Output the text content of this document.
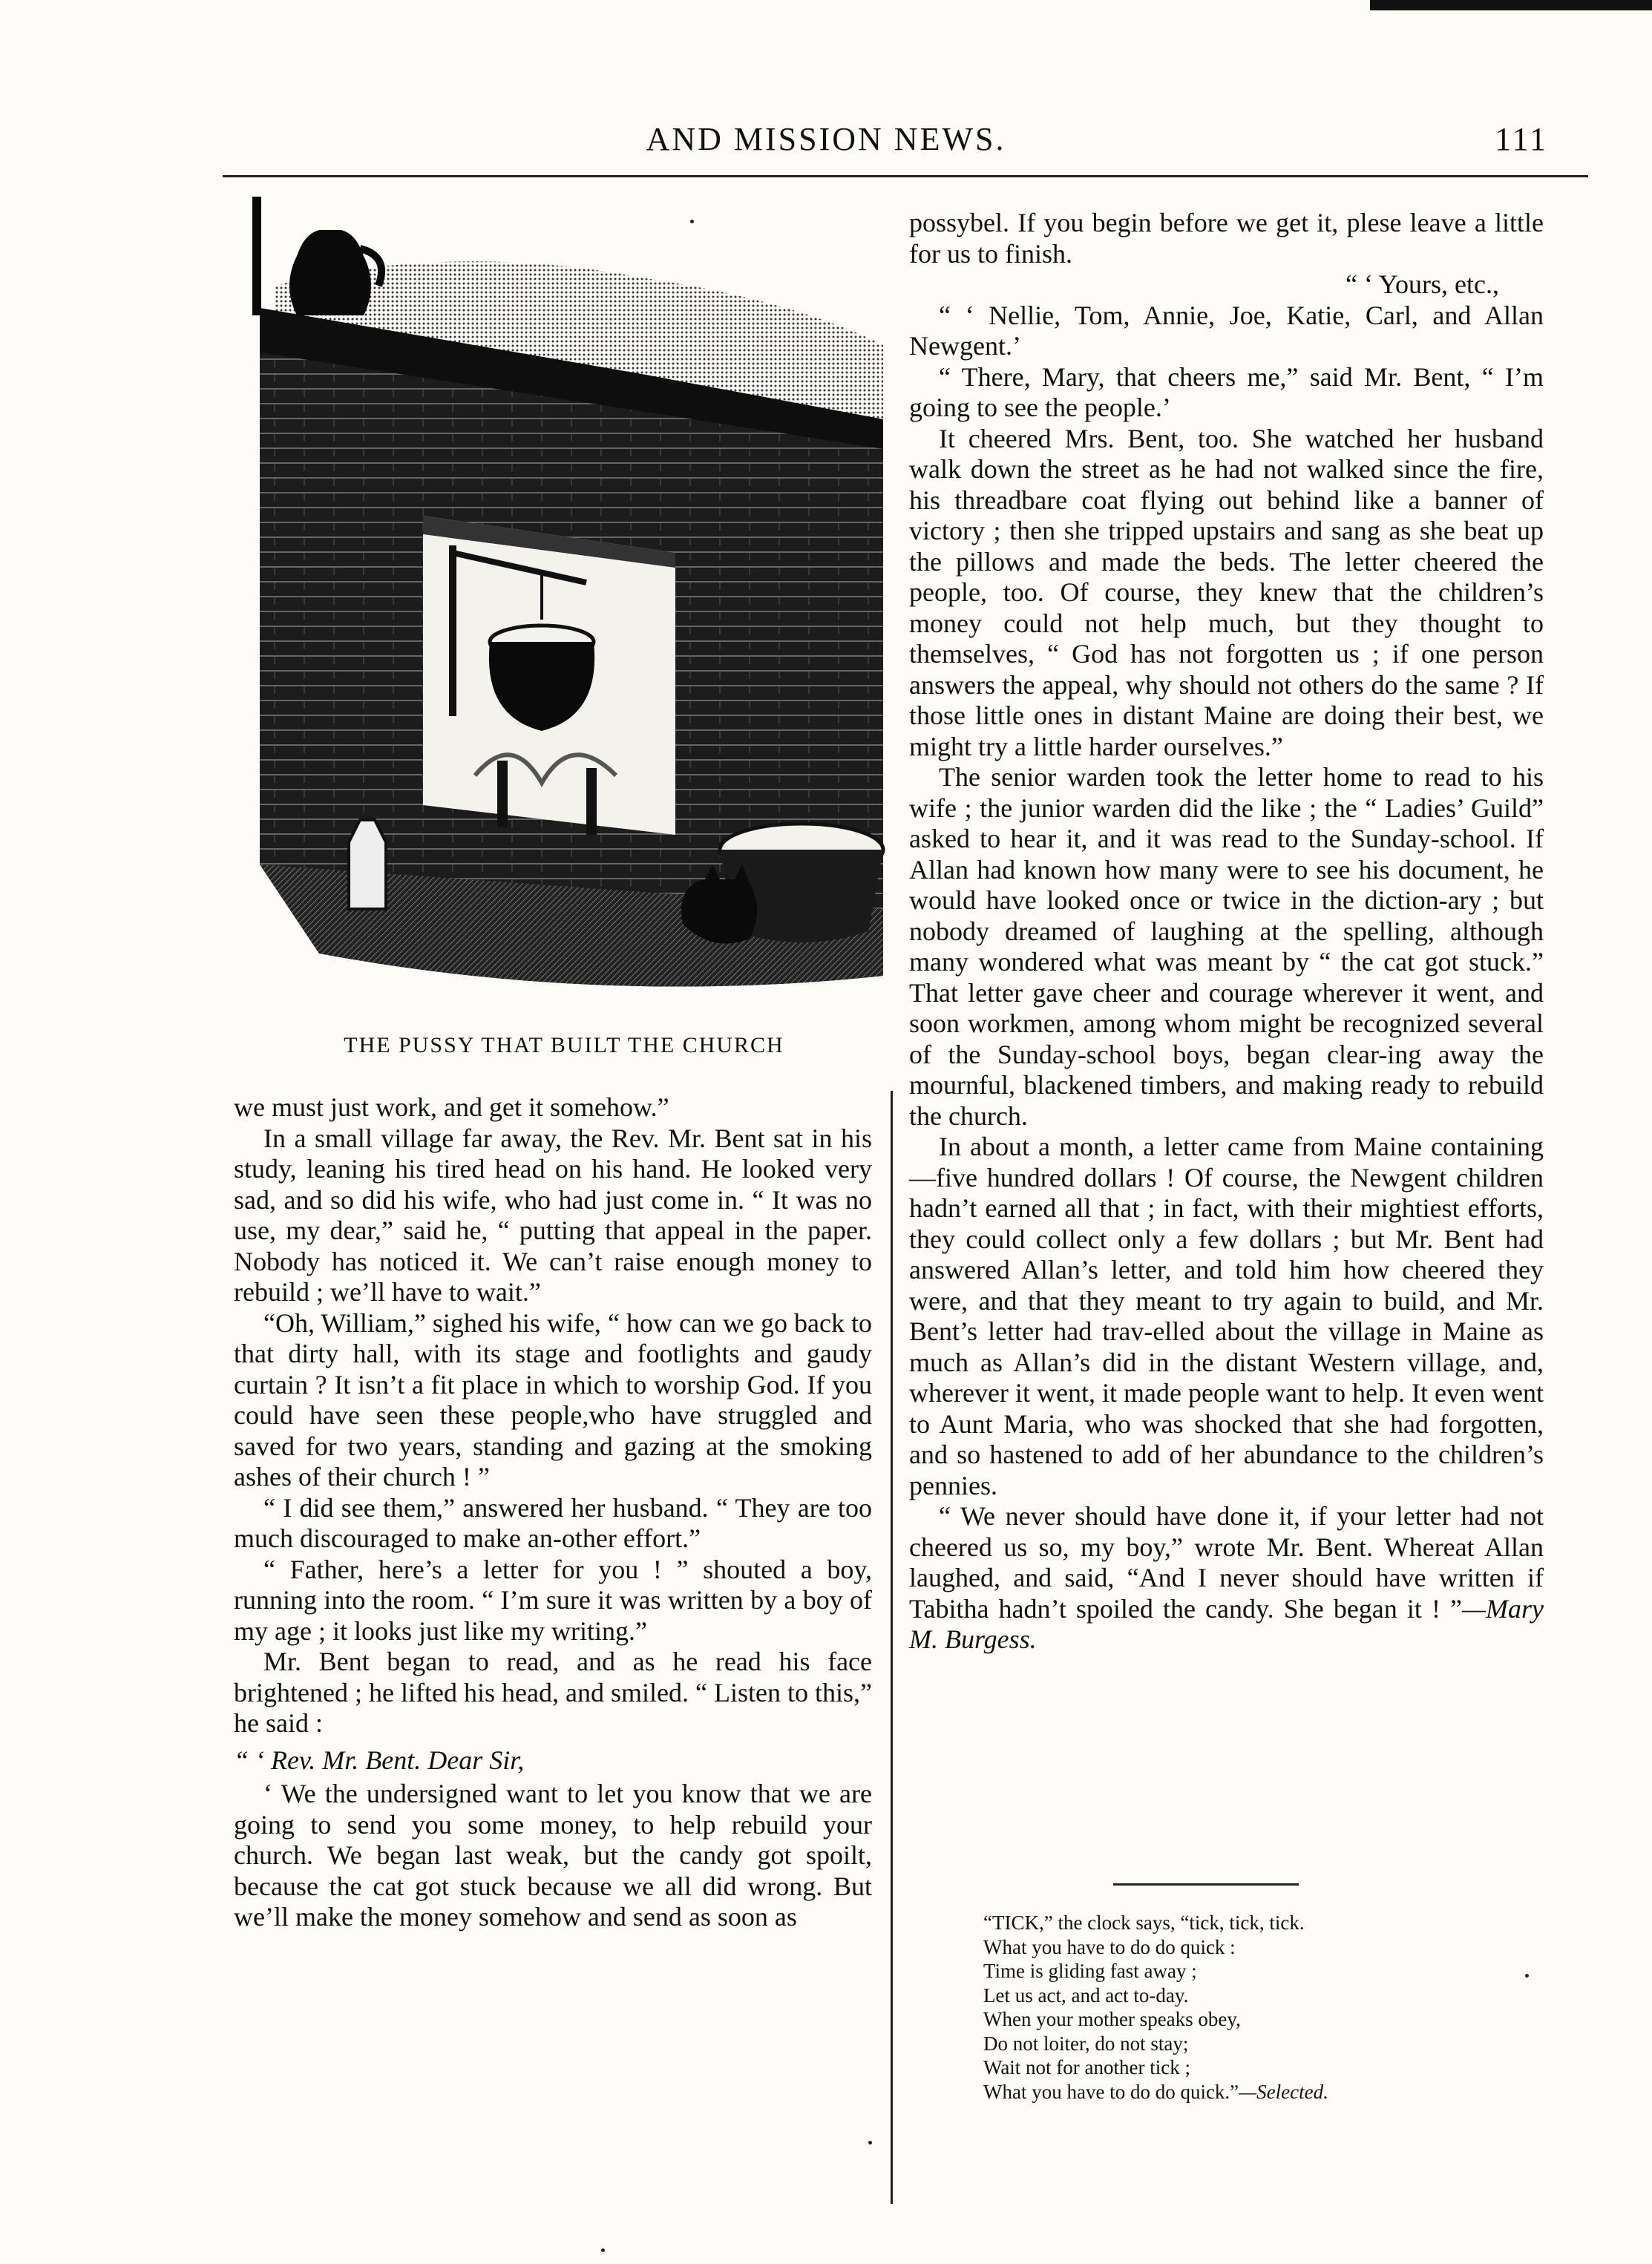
AND MISSION NEWS.	111
THE PUSSY THAT BUILT THE CHURCH

we must just work, and get it somehow.”

In a small village far away, the Rev. Mr. Bent sat in his study, leaning his tired head on his hand. He looked very sad, and so did his wife, who had just come in. “ It was no use, my dear,” said he, “ putting that appeal in the paper. Nobody has noticed it. We can’t raise enough money to rebuild ; we’ll have to wait.”

“Oh, William,” sighed his wife, “ how can we go back to that dirty hall, with its stage and footlights and gaudy curtain ? It isn’t a fit place in which to worship God. If you could have seen these people,who have struggled and saved for two years, standing and gazing at the smoking ashes of their church ! ”

“ I did see them,” answered her husband. “ They are too much discouraged to make an-other effort.”

“ Father, here’s a letter for you ! ” shouted a boy, running into the room. “ I’m sure it was written by a boy of my age ; it looks just like my writing.”

Mr. Bent began to read, and as he read his face brightened ; he lifted his head, and smiled. “ Listen to this,” he said :

“ ‘ Rev. Mr. Bent. Dear Sir,

‘ We the undersigned want to let you know that we are going to send you some money, to help rebuild your church. We began last weak, but the candy got spoilt, because the cat got stuck because we all did wrong. But we’ll make the money somehow and send as soon as

possybel. If you begin before we get it, plese leave a little for us to finish.

“ ‘ Yours, etc.,

“ ‘ Nellie, Tom, Annie, Joe, Katie, Carl, and Allan Newgent.’

“ There, Mary, that cheers me,” said Mr. Bent, “ I’m going to see the people.’

It cheered Mrs. Bent, too. She watched her husband walk down the street as he had not walked since the fire, his threadbare coat flying out behind like a banner of victory ; then she tripped upstairs and sang as she beat up the pillows and made the beds. The letter cheered the people, too. Of course, they knew that the children’s money could not help much, but they thought to themselves, “ God has not forgotten us ; if one person answers the appeal, why should not others do the same ? If those little ones in distant Maine are doing their best, we might try a little harder ourselves.”

The senior warden took the letter home to read to his wife ; the junior warden did the like ; the “ Ladies’ Guild” asked to hear it, and it was read to the Sunday-school. If Allan had known how many were to see his document, he would have looked once or twice in the diction-ary ; but nobody dreamed of laughing at the spelling, although many wondered what was meant by “ the cat got stuck.” That letter gave cheer and courage wherever it went, and soon workmen, among whom might be recognized several of the Sunday-school boys, began clear-ing away the mournful, blackened timbers, and making ready to rebuild the church.

In about a month, a letter came from Maine containing—five hundred dollars ! Of course, the Newgent children hadn’t earned all that ; in fact, with their mightiest efforts, they could collect only a few dollars ; but Mr. Bent had answered Allan’s letter, and told him how cheered they were, and that they meant to try again to build, and Mr. Bent’s letter had trav-elled about the village in Maine as much as Allan’s did in the distant Western village, and, wherever it went, it made people want to help. It even went to Aunt Maria, who was shocked that she had forgotten, and so hastened to add of her abundance to the children’s pennies.

“ We never should have done it, if your letter had not cheered us so, my boy,” wrote Mr. Bent. Whereat Allan laughed, and said, “And I never should have written if Tabitha hadn’t spoiled the candy. She began it ! ”—Mary M. Burgess.

“TICK,” the clock says, “tick, tick, tick.
What you have to do do quick :
Time is gliding fast away ;
Let us act, and act to-day.
When your mother speaks obey,
Do not loiter, do not stay;
Wait not for another tick ;
What you have to do do quick.”—Selected.
